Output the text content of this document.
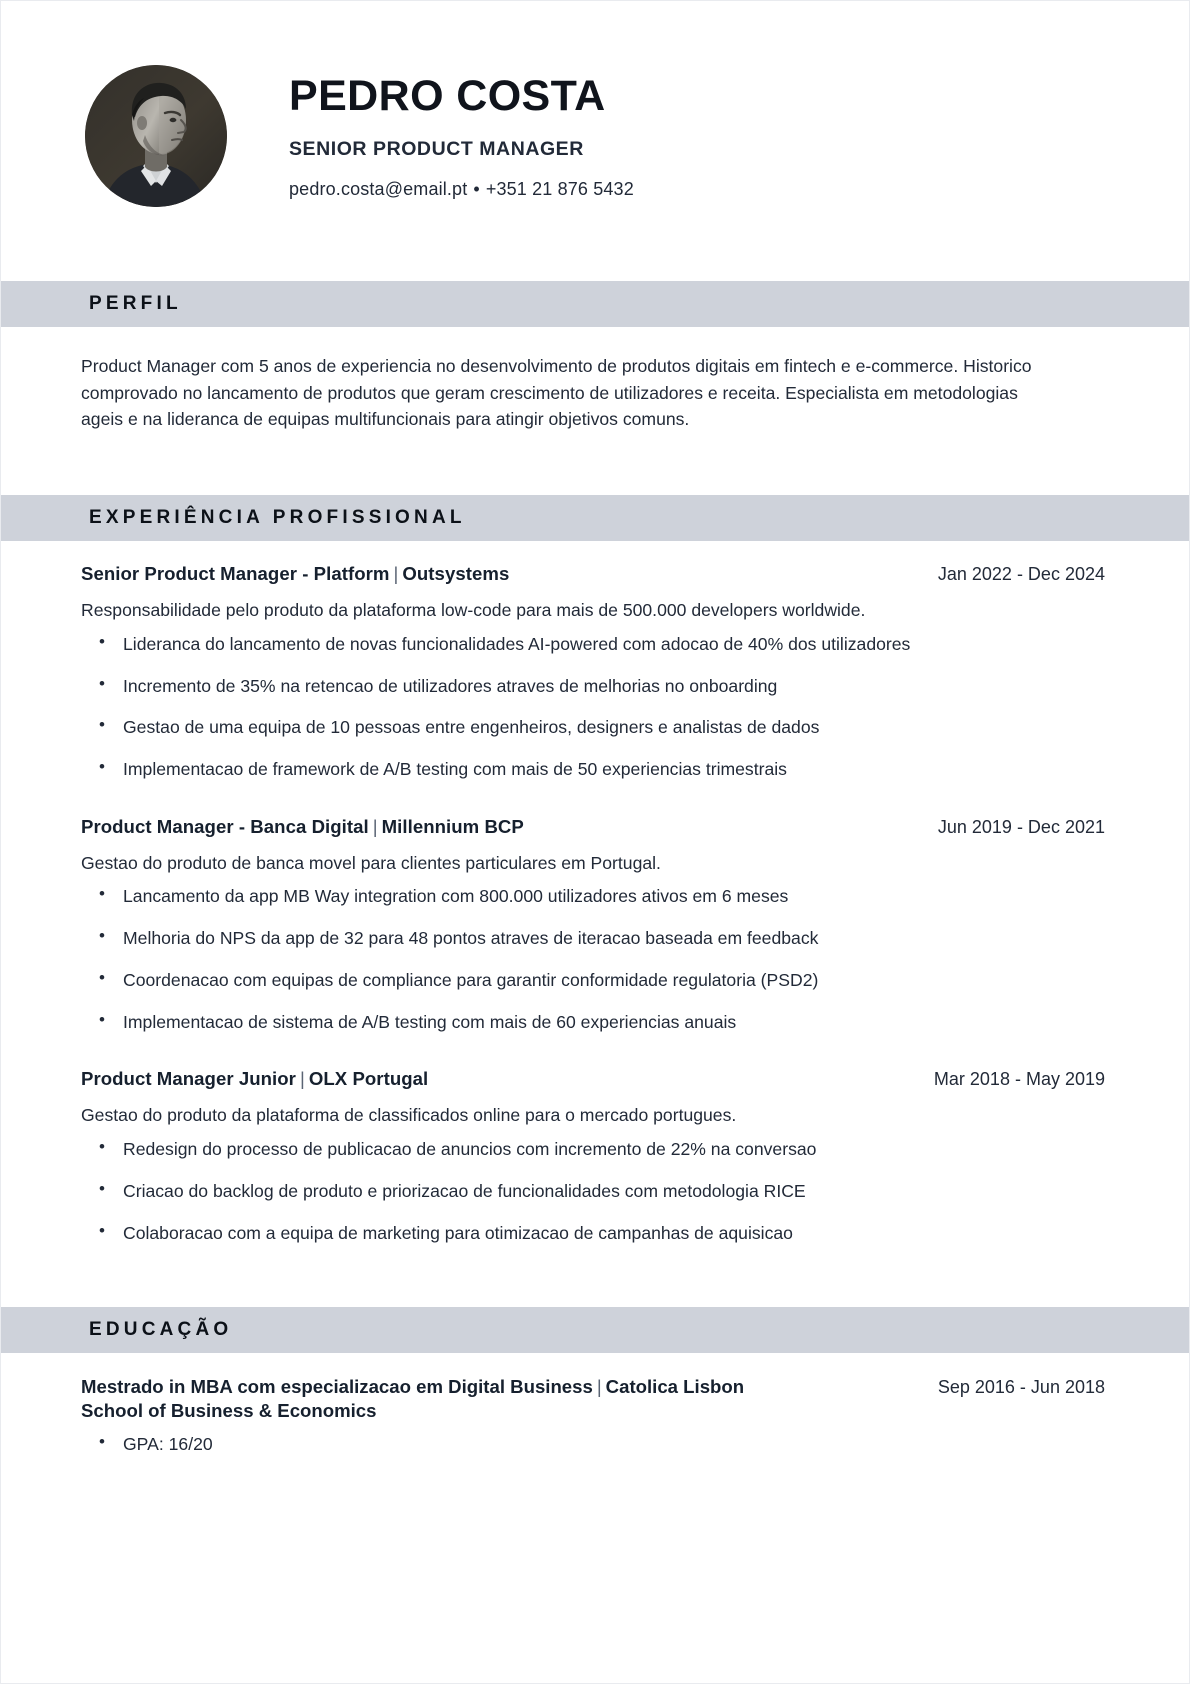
PEDRO COSTA
SENIOR PRODUCT MANAGER
pedro.costa@email.pt • +351 21 876 5432
PERFIL
Product Manager com 5 anos de experiencia no desenvolvimento de produtos digitais em fintech e e-commerce. Historico comprovado no lancamento de produtos que geram crescimento de utilizadores e receita. Especialista em metodologias ageis e na lideranca de equipas multifuncionais para atingir objetivos comuns.
EXPERIÊNCIA PROFISSIONAL
Senior Product Manager - Platform | Outsystems	Jan 2022 - Dec 2024
Responsabilidade pelo produto da plataforma low-code para mais de 500.000 developers worldwide.
• Lideranca do lancamento de novas funcionalidades AI-powered com adocao de 40% dos utilizadores
• Incremento de 35% na retencao de utilizadores atraves de melhorias no onboarding
• Gestao de uma equipa de 10 pessoas entre engenheiros, designers e analistas de dados
• Implementacao de framework de A/B testing com mais de 50 experiencias trimestrais
Product Manager - Banca Digital | Millennium BCP	Jun 2019 - Dec 2021
Gestao do produto de banca movel para clientes particulares em Portugal.
• Lancamento da app MB Way integration com 800.000 utilizadores ativos em 6 meses
• Melhoria do NPS da app de 32 para 48 pontos atraves de iteracao baseada em feedback
• Coordenacao com equipas de compliance para garantir conformidade regulatoria (PSD2)
• Implementacao de sistema de A/B testing com mais de 60 experiencias anuais
Product Manager Junior | OLX Portugal	Mar 2018 - May 2019
Gestao do produto da plataforma de classificados online para o mercado portugues.
• Redesign do processo de publicacao de anuncios com incremento de 22% na conversao
• Criacao do backlog de produto e priorizacao de funcionalidades com metodologia RICE
• Colaboracao com a equipa de marketing para otimizacao de campanhas de aquisicao
EDUCAÇÃO
Mestrado in MBA com especializacao em Digital Business | Catolica Lisbon School of Business & Economics
Sep 2016 - Jun 2018
• GPA: 16/20
